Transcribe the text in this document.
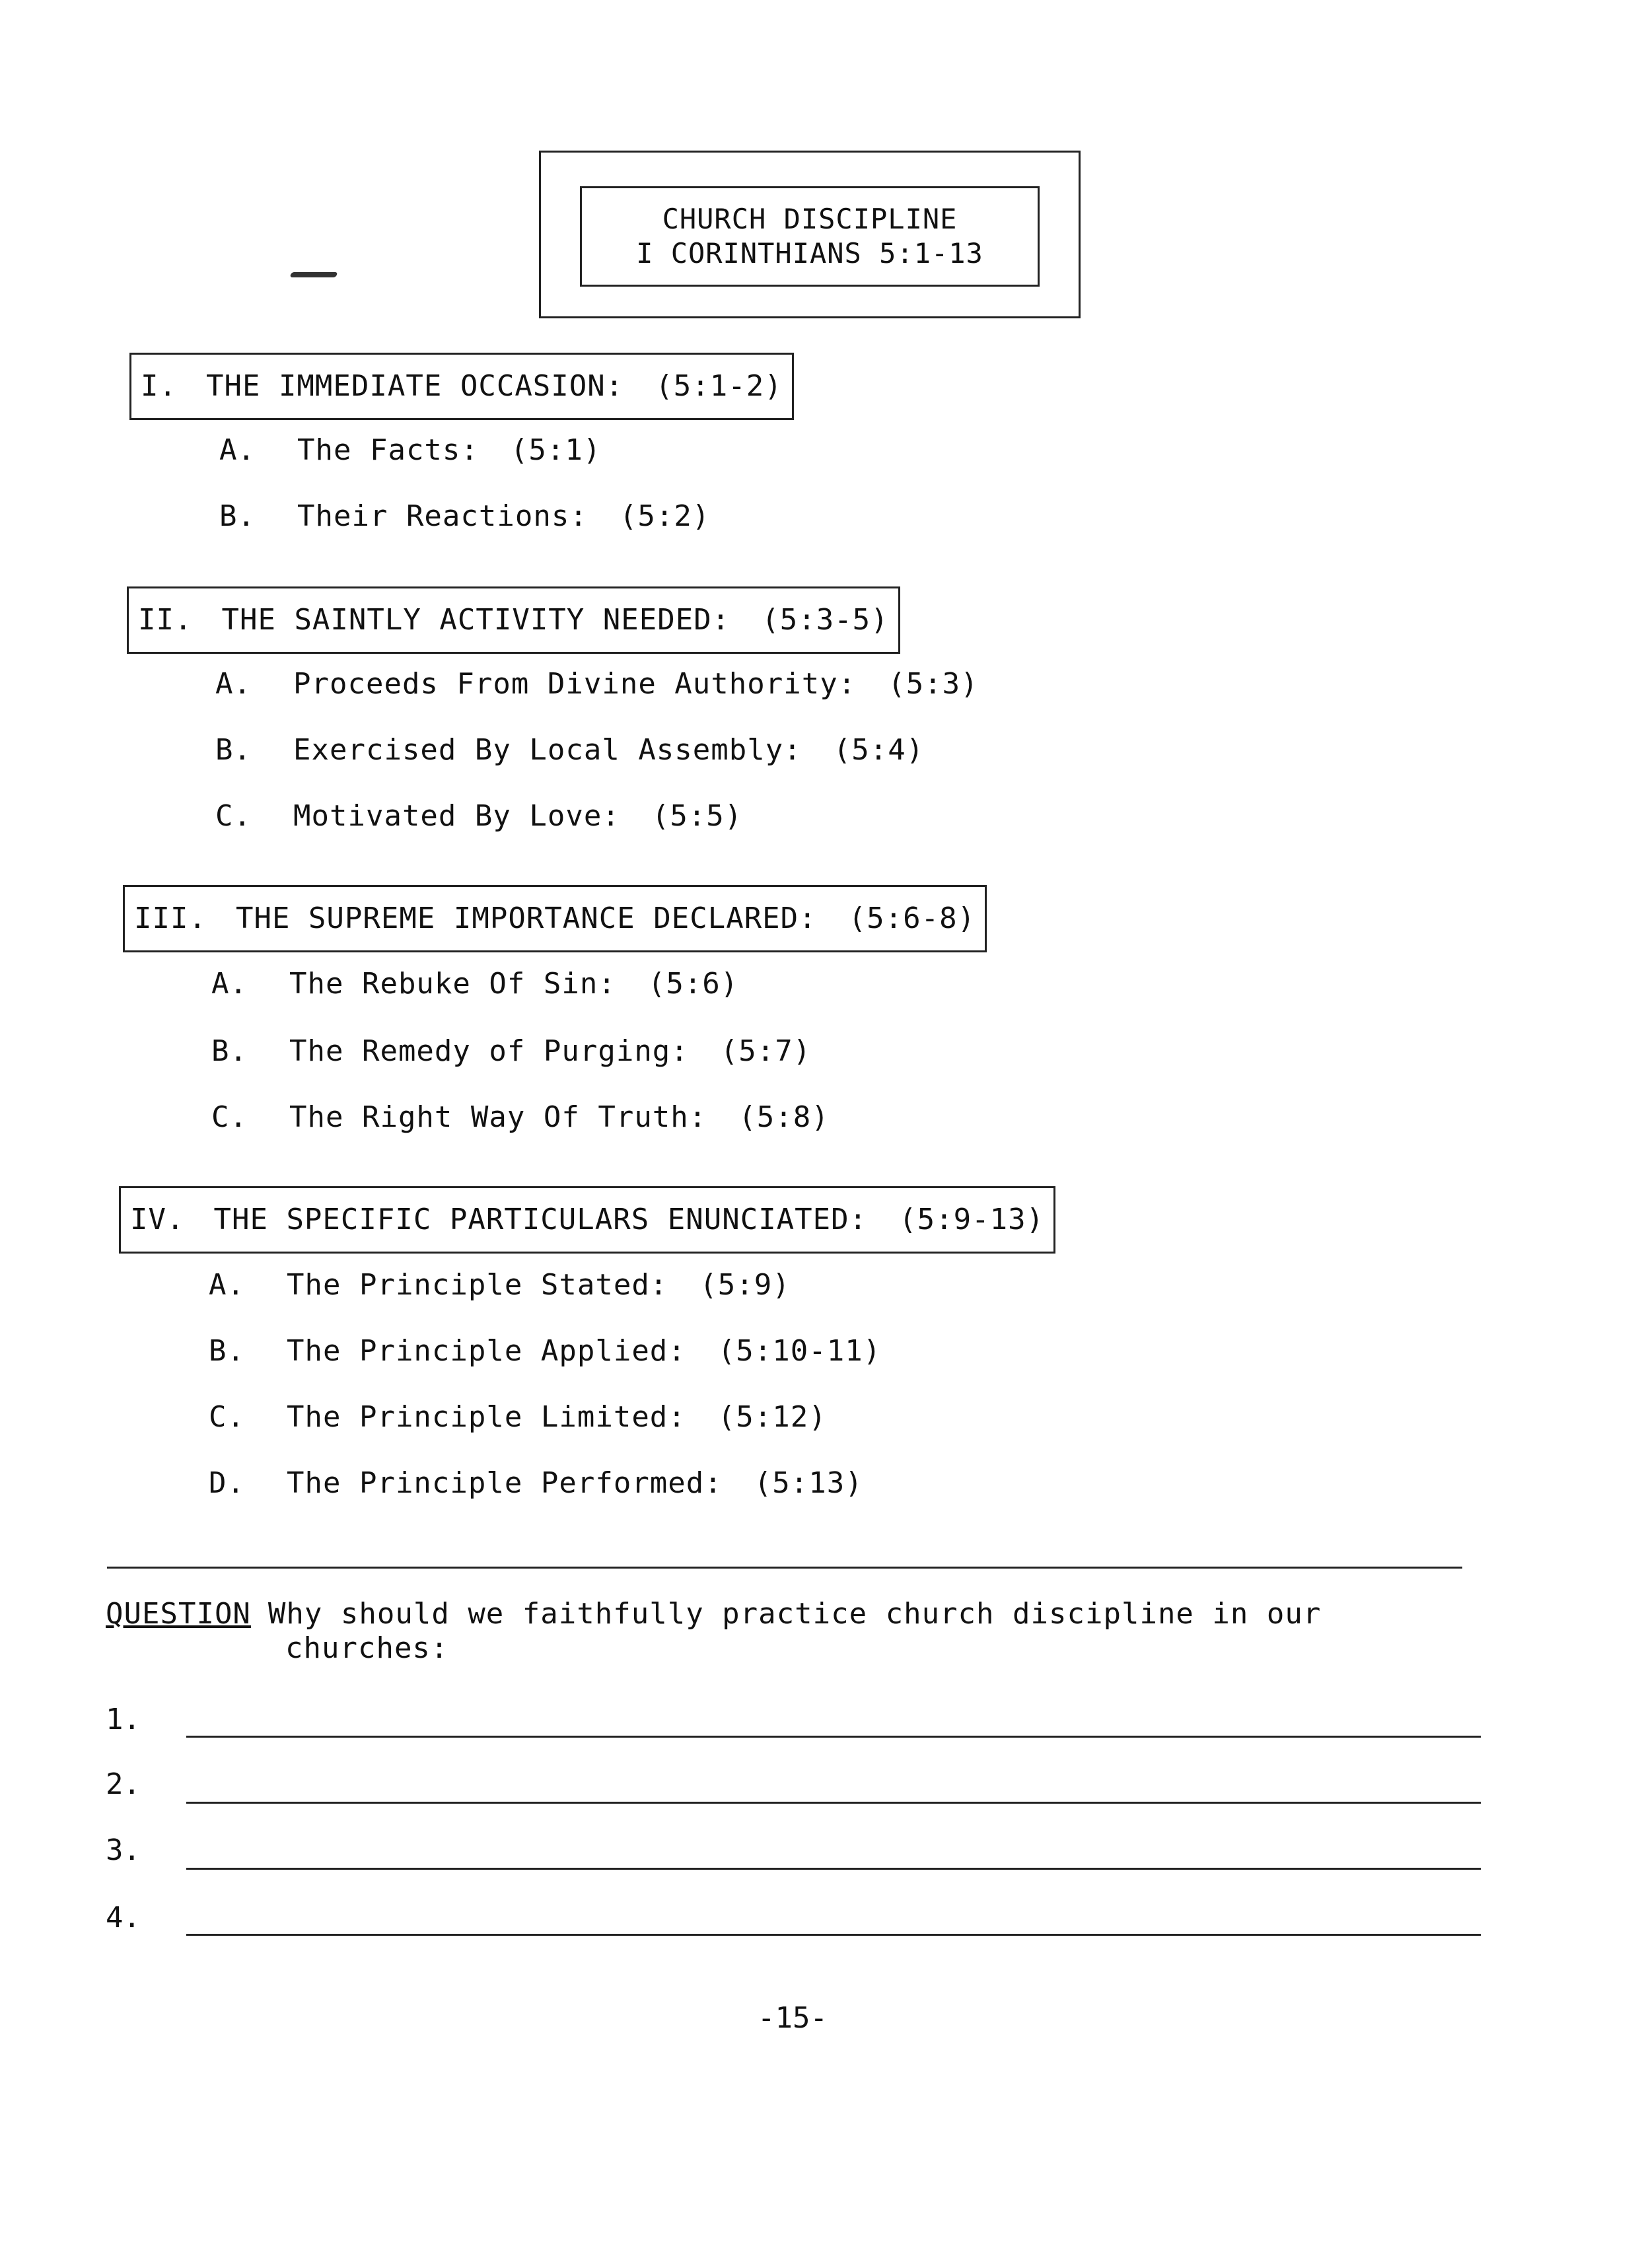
CHURCH DISCIPLINE
I CORINTHIANS 5:1-13
I. THE IMMEDIATE OCCASION: (5:1-2)
A. The Facts: (5:1)
B. Their Reactions: (5:2)
II. THE SAINTLY ACTIVITY NEEDED: (5:3-5)
A. Proceeds From Divine Authority: (5:3)
B. Exercised By Local Assembly: (5:4)
C. Motivated By Love: (5:5)
III. THE SUPREME IMPORTANCE DECLARED: (5:6-8)
A. The Rebuke Of Sin: (5:6)
B. The Remedy of Purging: (5:7)
C. The Right Way Of Truth: (5:8)
IV. THE SPECIFIC PARTICULARS ENUNCIATED: (5:9-13)
A. The Principle Stated: (5:9)
B. The Principle Applied: (5:10-11)
C. The Principle Limited: (5:12)
D. The Principle Performed: (5:13)
QUESTION Why should we faithfully practice church discipline in our
churches:
1.
2.
3.
4.
-15-
